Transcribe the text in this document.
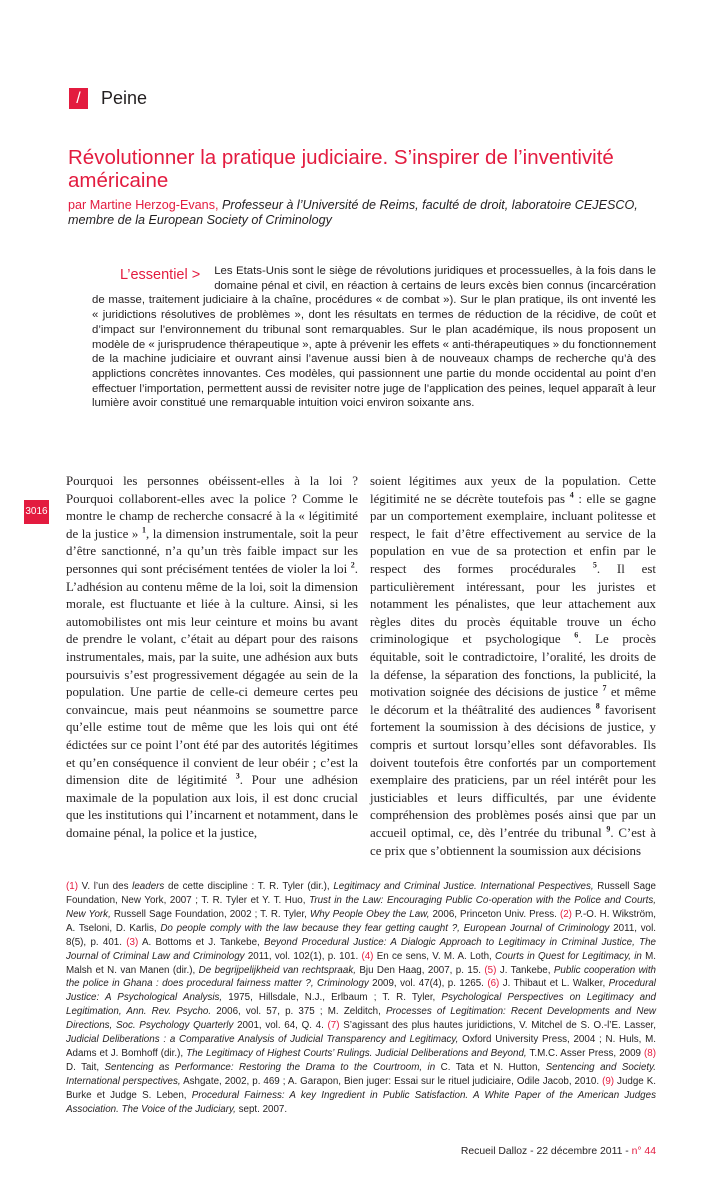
3016
/	Peine
Révolutionner la pratique judiciaire. S’inspirer de l’inventivité américaine
par Martine Herzog-Evans, Professeur à l’Université de Reims, faculté de droit, laboratoire CEJESCO, membre de la European Society of Criminology
L’essentiel > Les Etats-Unis sont le siège de révolutions juridiques et processuelles, à la fois dans le domaine pénal et civil, en réaction à certains de leurs excès bien connus (incarcération de masse, traitement judiciaire à la chaîne, procédures « de combat »). Sur le plan pratique, ils ont inventé les « juridictions résolutives de problèmes », dont les résultats en termes de réduction de la récidive, de coût et d’impact sur l’environnement du tribunal sont remarquables. Sur le plan académique, ils nous proposent un modèle de « jurisprudence thérapeutique », apte à prévenir les effets « anti-thérapeutiques » du fonctionnement de la machine judiciaire et ouvrant ainsi l’avenue aussi bien à de nouveaux champs de recherche qu’à des applictions concrètes innovantes. Ces modèles, qui passionnent une partie du monde occidental au point d’en effectuer l’importation, permettent aussi de revisiter notre juge de l’application des peines, lequel apparaît à leur lumière avoir constitué une remarquable intuition voici environ soixante ans.
Pourquoi les personnes obéissent-elles à la loi ? Pourquoi collaborent-elles avec la police ? Comme le montre le champ de recherche consacré à la « légitimité de la justice » $^1$, la dimension instrumentale, soit la peur d’être sanctionné, n’a qu’un très faible impact sur les personnes qui sont précisément tentées de violer la loi $^2$. L’adhésion au contenu même de la loi, soit la dimension morale, est fluctuante et liée à la culture. Ainsi, si les automobilistes ont mis leur ceinture et moins bu avant de prendre le volant, c’était au départ pour des raisons instrumentales, mais, par la suite, une adhésion aux buts poursuivis s’est progressivement dégagée au sein de la population. Une partie de celle-ci demeure certes peu convaincue, mais peut néanmoins se soumettre parce qu’elle estime tout de même que les lois qui ont été édictées sur ce point l’ont été par des autorités légitimes et qu’en conséquence il convient de leur obéir ; c’est la dimension dite de légitimité $^3$. Pour une adhésion maximale de la population aux lois, il est donc crucial que les institutions qui l’incarnent et notamment, dans le domaine pénal, la police et la justice,
soient légitimes aux yeux de la population. Cette légitimité ne se décrète toutefois pas $^4$ : elle se gagne par un comportement exemplaire, incluant politesse et respect, le fait d’être effectivement au service de la population en vue de sa protection et enfin par le respect des formes procédurales $^5$. Il est particulièrement intéressant, pour les juristes et notamment les pénalistes, que leur attachement aux règles dites du procès équitable trouve un écho criminologique et psychologique $^6$. Le procès équitable, soit le contradictoire, l’oralité, les droits de la défense, la séparation des fonctions, la publicité, la motivation soignée des décisions de justice $^7$ et même le décorum et la théâtralité des audiences $^8$ favorisent fortement la soumission à des décisions de justice, y compris et surtout lorsqu’elles sont défavorables. Ils doivent toutefois être confortés par un comportement exemplaire des praticiens, par un réel intérêt pour les justiciables et leurs difficultés, par une évidente compréhension des problèmes posés ainsi que par un accueil optimal, ce, dès l’entrée du tribunal $^9$. C’est à ce prix que s’obtiennent la soumission aux décisions
(1) V. l’un des leaders de cette discipline : T. R. Tyler (dir.), Legitimacy and Criminal Justice. International Pespectives, Russell Sage Foundation, New York, 2007 ; T. R. Tyler et Y. T. Huo, Trust in the Law: Encouraging Public Co-operation with the Police and Courts, New York, Russell Sage Foundation, 2002 ; T. R. Tyler, Why People Obey the Law, 2006, Princeton Univ. Press. (2) P.-O. H. Wikström, A. Tseloni, D. Karlis, Do people comply with the law because they fear getting caught ?, European Journal of Criminology 2011, vol. 8(5), p. 401. (3) A. Bottoms et J. Tankebe, Beyond Procedural Justice: A Dialogic Approach to Legitimacy in Criminal Justice, The Journal of Criminal Law and Criminology 2011, vol. 102(1), p. 101. (4) En ce sens, V. M. A. Loth, Courts in Quest for Legitimacy, in M. Malsh et N. van Manen (dir.), De begrijpelijkheid van rechtspraak, Bju Den Haag, 2007, p. 15. (5) J. Tankebe, Public cooperation with the police in Ghana : does procedural fairness matter ?, Criminology 2009, vol. 47(4), p. 1265. (6) J. Thibaut et L. Walker, Procedural Justice: A Psychological Analysis, 1975, Hillsdale, N.J., Erlbaum ; T. R. Tyler, Psychological Perspectives on Legitimacy and Legitimation, Ann. Rev. Psycho. 2006, vol. 57, p. 375 ; M. Zelditch, Processes of Legitimation: Recent Developments and New Directions, Soc. Psychology Quarterly 2001, vol. 64, Q. 4. (7) S’agissant des plus hautes juridictions, V. Mitchel de S. O.-l’E. Lasser, Judicial Deliberations : a Comparative Analysis of Judicial Transparency and Legitimacy, Oxford University Press, 2004 ; N. Huls, M. Adams et J. Bomhoff (dir.), The Legitimacy of Highest Courts’ Rulings. Judicial Deliberations and Beyond, T.M.C. Asser Press, 2009 (8) D. Tait, Sentencing as Performance: Restoring the Drama to the Courtroom, in C. Tata et N. Hutton, Sentencing and Society. International perspectives, Ashgate, 2002, p. 469 ; A. Garapon, Bien juger: Essai sur le rituel judiciaire, Odile Jacob, 2010. (9) Judge K. Burke et Judge S. Leben, Procedural Fairness: A key Ingredient in Public Satisfaction. A White Paper of the American Judges Association. The Voice of the Judiciary, sept. 2007.
Recueil Dalloz - 22 décembre 2011 - n° 44
